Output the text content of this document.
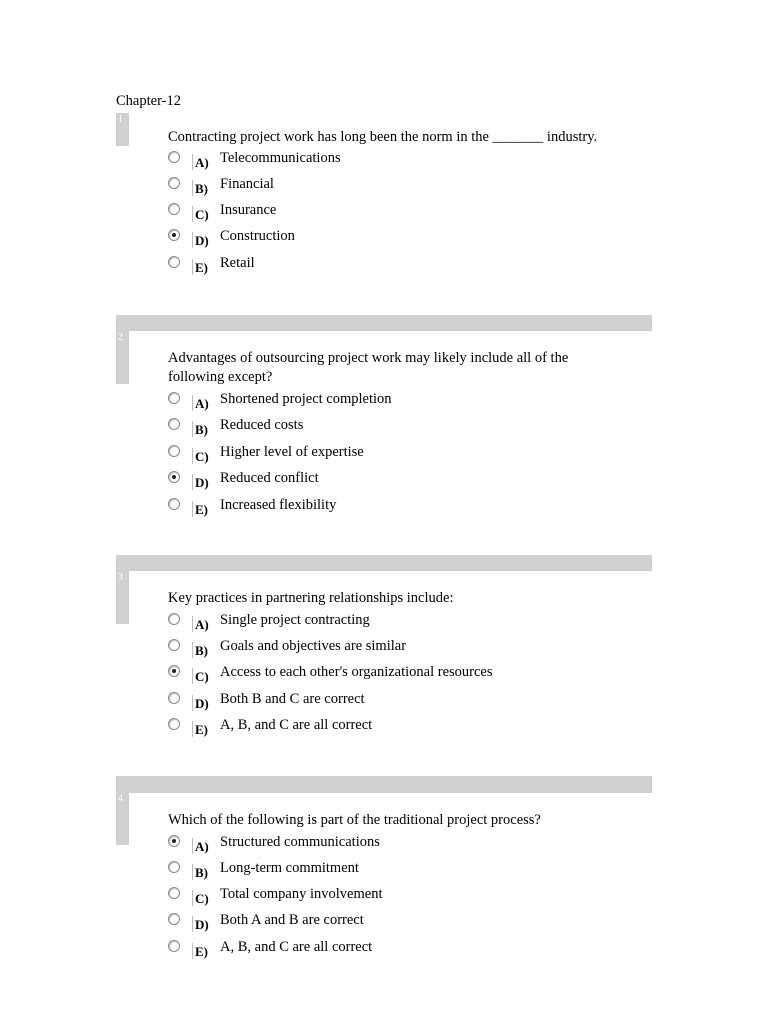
Chapter-12
1
Contracting project work has long been the norm in the _______ industry.
A) Telecommunications
B) Financial
C) Insurance
D) Construction
E) Retail
2
Advantages of outsourcing project work may likely include all of the following except?
A) Shortened project completion
B) Reduced costs
C) Higher level of expertise
D) Reduced conflict
E) Increased flexibility
3
Key practices in partnering relationships include:
A) Single project contracting
B) Goals and objectives are similar
C) Access to each other's organizational resources
D) Both B and C are correct
E) A, B, and C are all correct
4
Which of the following is part of the traditional project process?
A) Structured communications
B) Long-term commitment
C) Total company involvement
D) Both A and B are correct
E) A, B, and C are all correct
